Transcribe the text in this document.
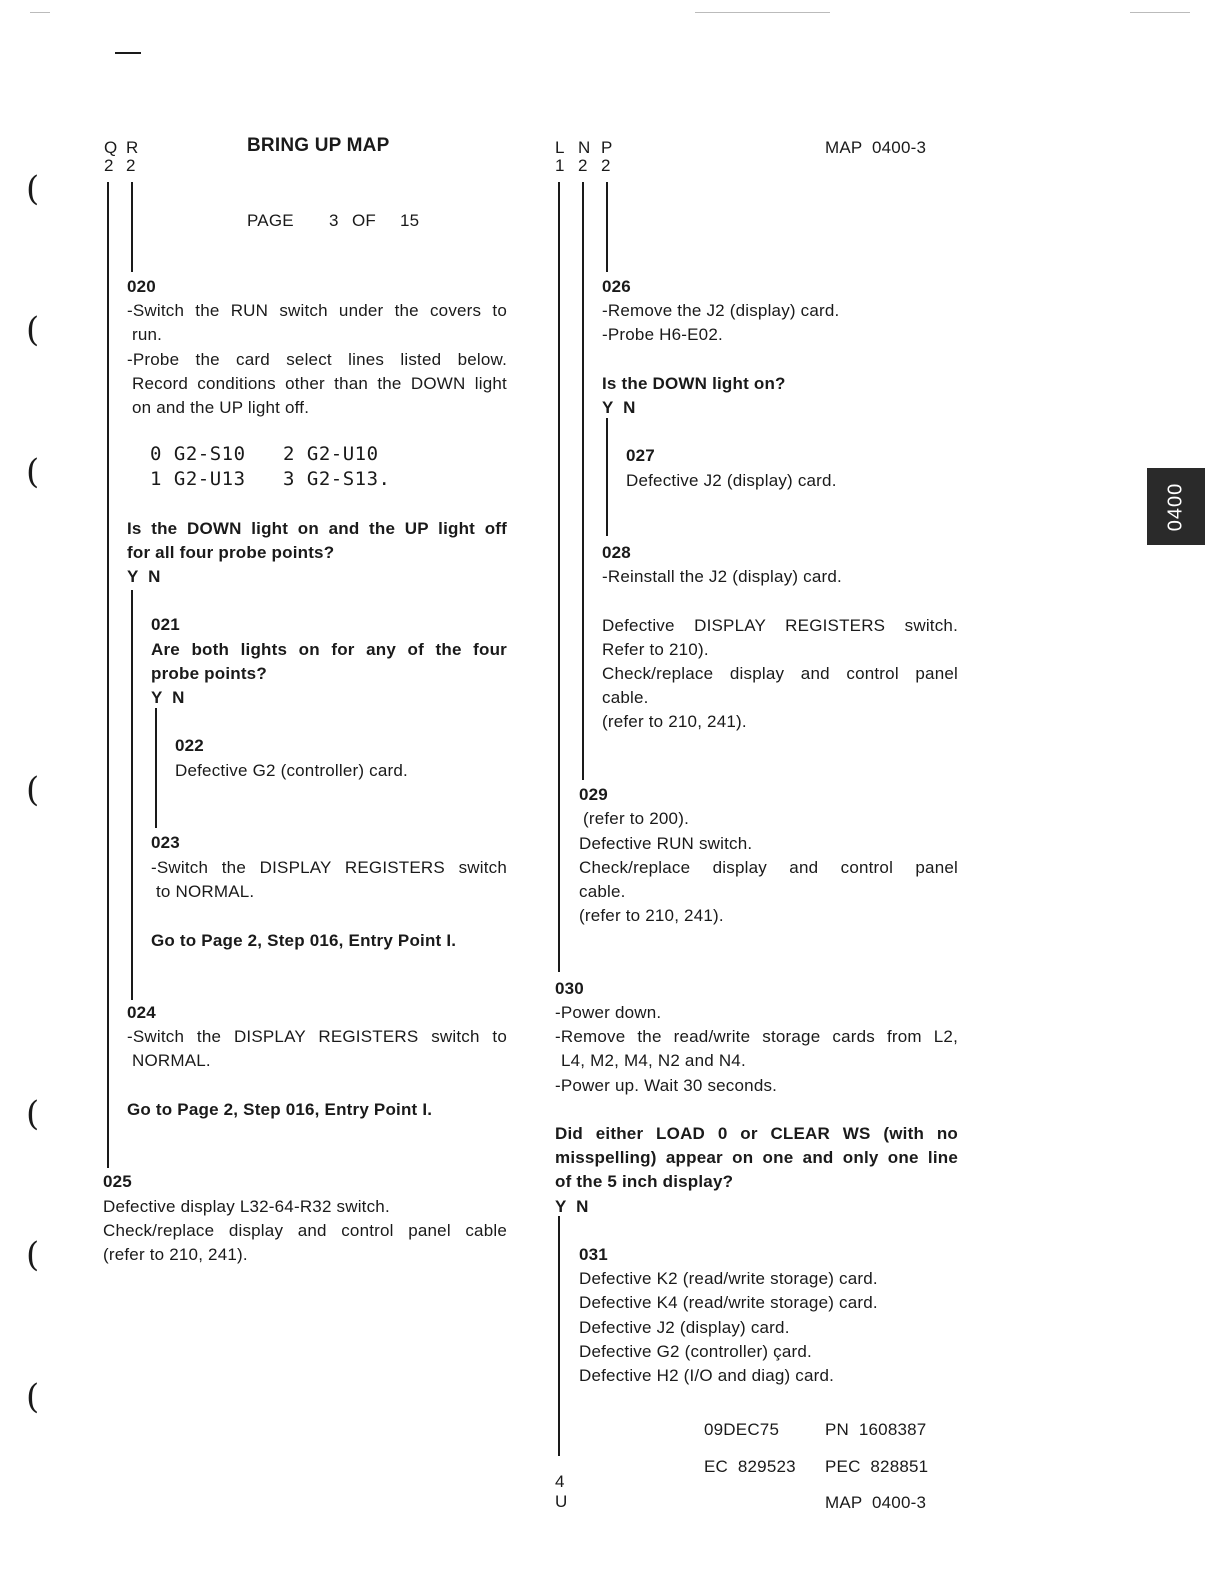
(
(
(
(
(
(
(
Q
2
R
2
BRING UP MAP
PAGE 3 OF 15
L
1
N
2
P
2
MAP  0400-3
0400
020
-Switch the RUN switch under the covers to
run.
-Probe the card select lines listed below.
Record conditions other than the DOWN light
on and the UP light off.
0 G2-S10 2 G2-U10
1 G2-U13 3 G2-S13.
Is the DOWN light on and the UP light off
for all four probe points?
Y  N
021
Are both lights on for any of the four
probe points?
Y  N
022
Defective G2 (controller) card.
023
-Switch the DISPLAY REGISTERS switch
to NORMAL.
Go to Page 2, Step 016, Entry Point I.
024
-Switch the DISPLAY REGISTERS switch to
NORMAL.
Go to Page 2, Step 016, Entry Point I.
025
Defective display L32-64-R32 switch.
Check/replace display and control panel cable
(refer to 210, 241).
026
-Remove the J2 (display) card.
-Probe H6-E02.
Is the DOWN light on?
Y  N
027
Defective J2 (display) card.
028
-Reinstall the J2 (display) card.
Defective DISPLAY REGISTERS switch.
Refer to 210).
Check/replace display and control panel
cable.
(refer to 210, 241).
029
(refer to 200).
Defective RUN switch.
Check/replace display and control panel
cable.
(refer to 210, 241).
030
-Power down.
-Remove the read/write storage cards from L2,
L4, M2, M4, N2 and N4.
-Power up. Wait 30 seconds.
Did either LOAD 0 or CLEAR WS (with no
misspelling) appear on one and only one line
of the 5 inch display?
Y  N
031
Defective K2 (read/write storage) card.
Defective K4 (read/write storage) card.
Defective J2 (display) card.
Defective G2 (controller) çard.
Defective H2 (I/O and diag) card.
09DEC75	PN  1608387
EC  829523 PEC  828851
MAP  0400-3
4
U
